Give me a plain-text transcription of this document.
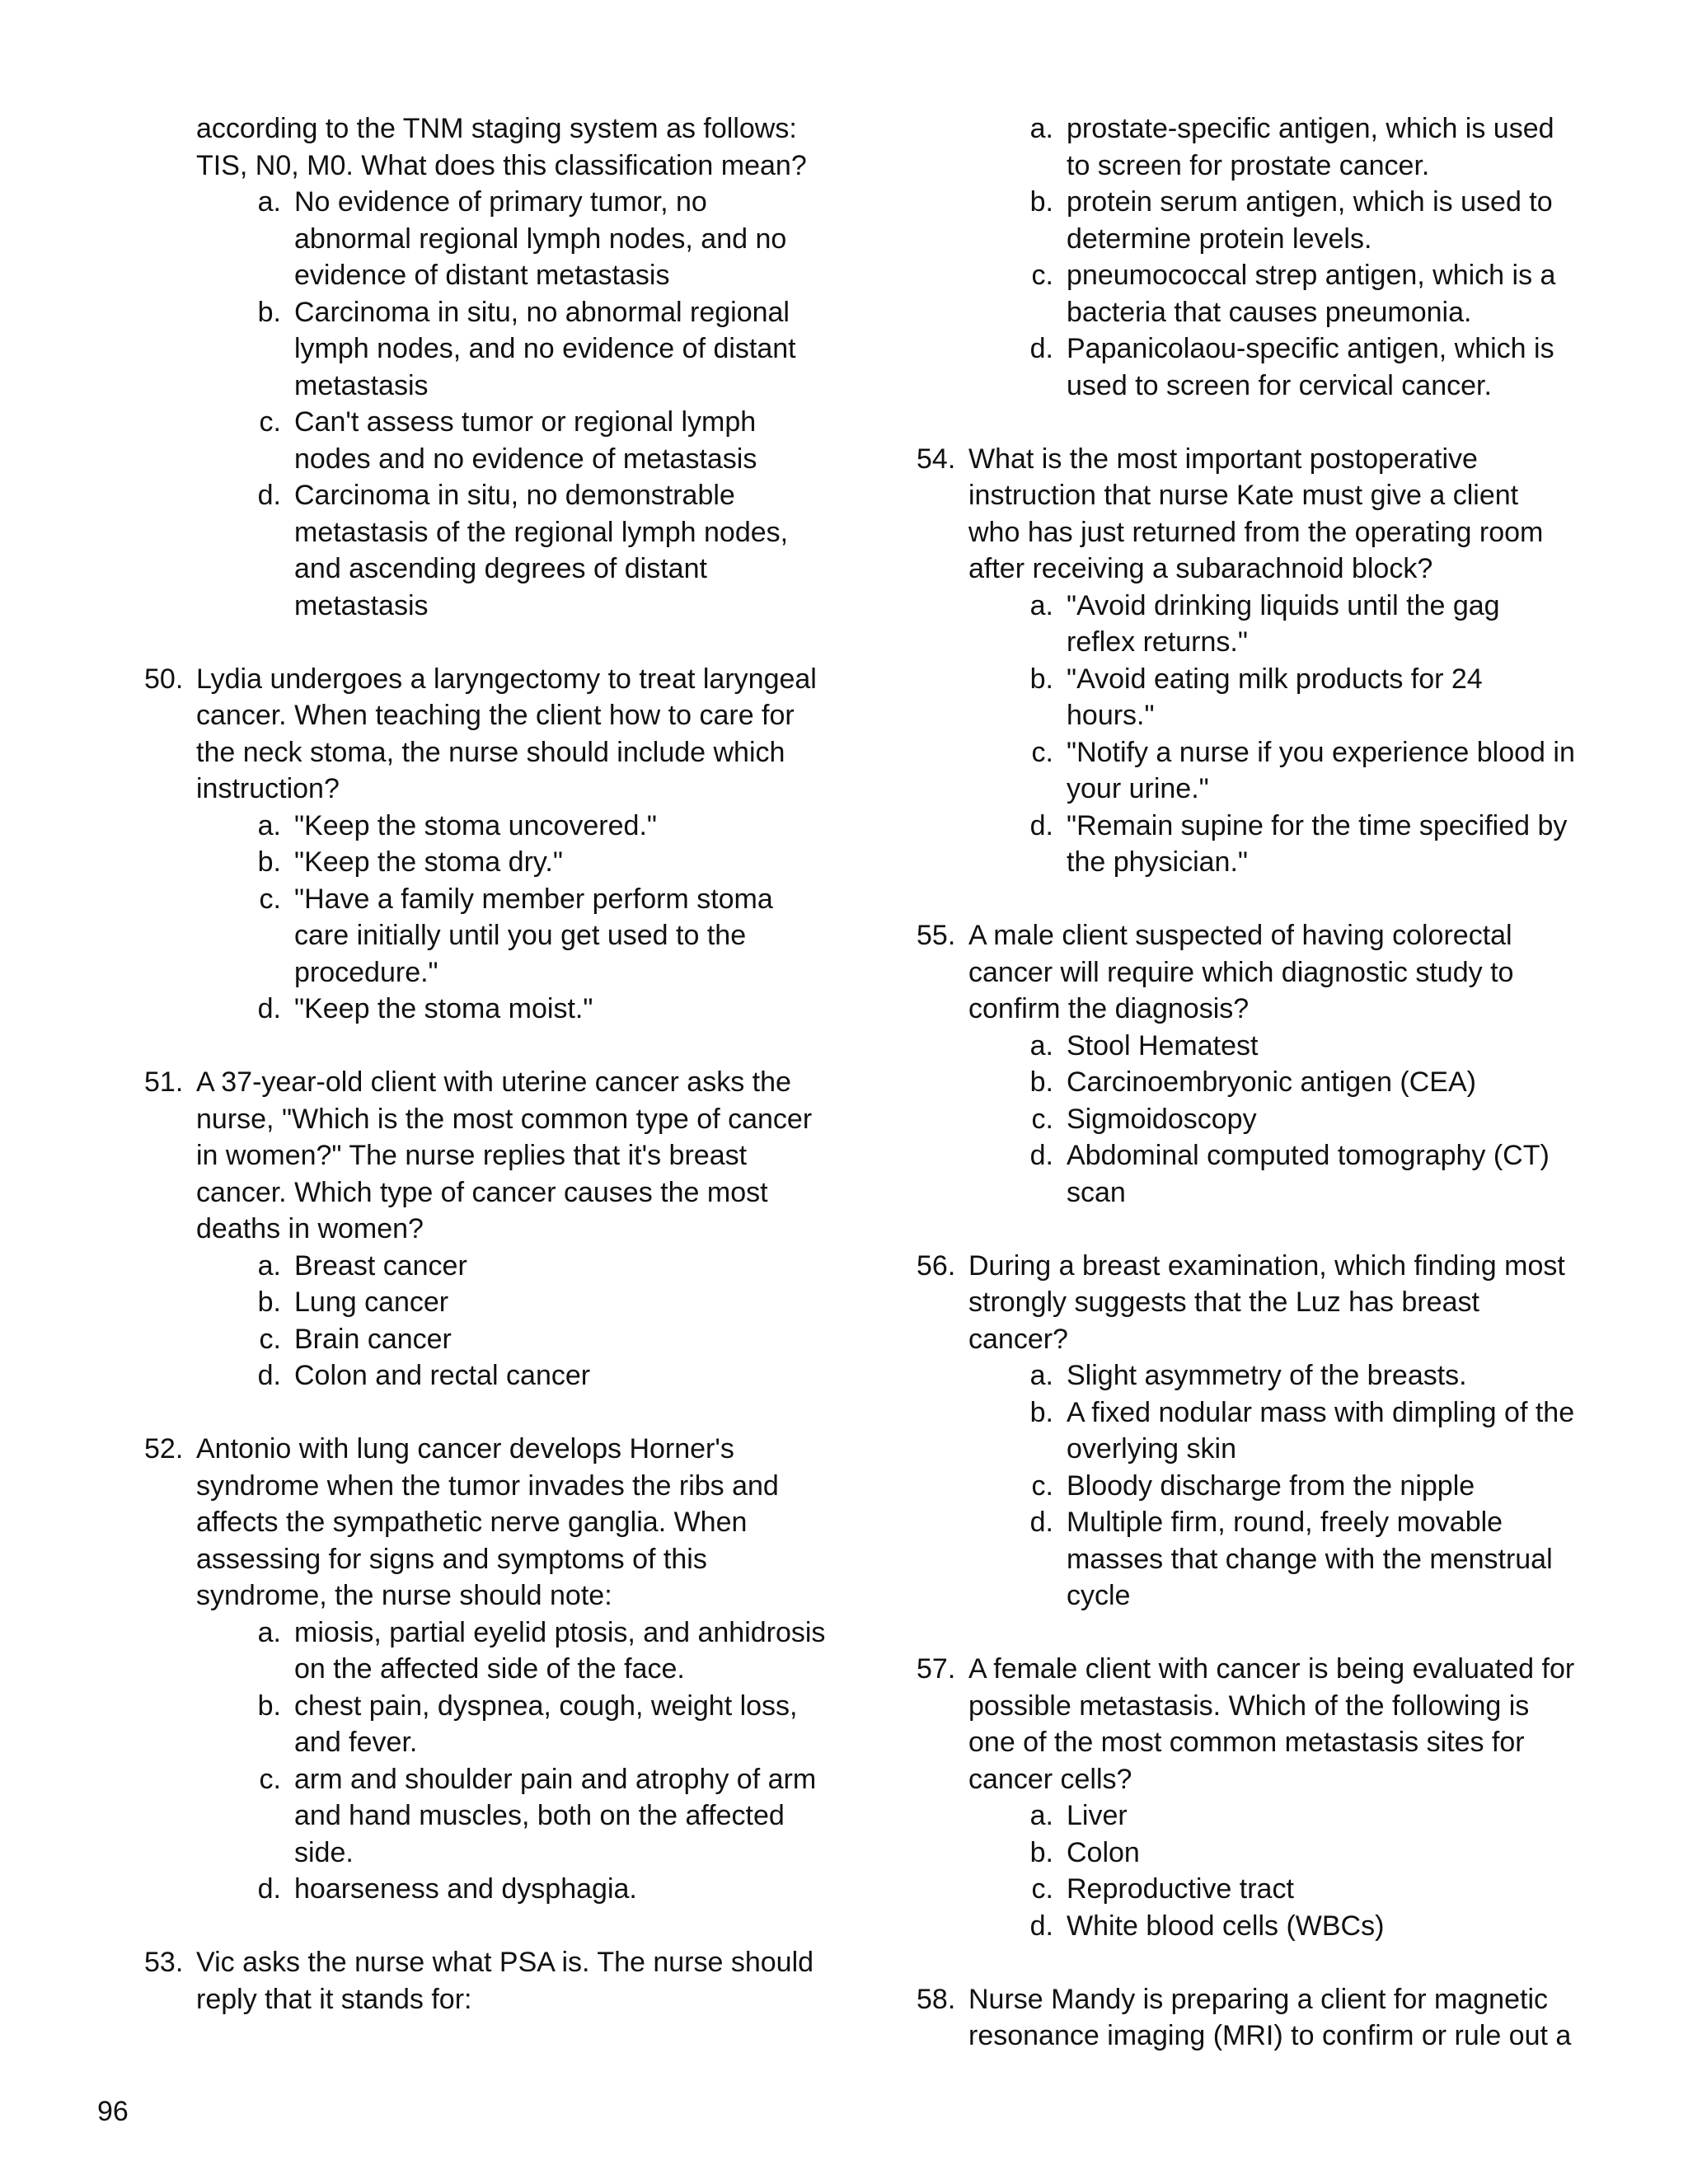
according to the TNM staging system as follows: TIS, N0, M0. What does this classification mean?
a. No evidence of primary tumor, no abnormal regional lymph nodes, and no evidence of distant metastasis
b. Carcinoma in situ, no abnormal regional lymph nodes, and no evidence of distant metastasis
c. Can't assess tumor or regional lymph nodes and no evidence of metastasis
d. Carcinoma in situ, no demonstrable metastasis of the regional lymph nodes, and ascending degrees of distant metastasis
50. Lydia undergoes a laryngectomy to treat laryngeal cancer. When teaching the client how to care for the neck stoma, the nurse should include which instruction?
a. "Keep the stoma uncovered."
b. "Keep the stoma dry."
c. "Have a family member perform stoma care initially until you get used to the procedure."
d. "Keep the stoma moist."
51. A 37-year-old client with uterine cancer asks the nurse, "Which is the most common type of cancer in women?" The nurse replies that it's breast cancer. Which type of cancer causes the most deaths in women?
a. Breast cancer
b. Lung cancer
c. Brain cancer
d. Colon and rectal cancer
52. Antonio with lung cancer develops Horner's syndrome when the tumor invades the ribs and affects the sympathetic nerve ganglia. When assessing for signs and symptoms of this syndrome, the nurse should note:
a. miosis, partial eyelid ptosis, and anhidrosis on the affected side of the face.
b. chest pain, dyspnea, cough, weight loss, and fever.
c. arm and shoulder pain and atrophy of arm and hand muscles, both on the affected side.
d. hoarseness and dysphagia.
53. Vic asks the nurse what PSA is. The nurse should reply that it stands for:
a. prostate-specific antigen, which is used to screen for prostate cancer.
b. protein serum antigen, which is used to determine protein levels.
c. pneumococcal strep antigen, which is a bacteria that causes pneumonia.
d. Papanicolaou-specific antigen, which is used to screen for cervical cancer.
54. What is the most important postoperative instruction that nurse Kate must give a client who has just returned from the operating room after receiving a subarachnoid block?
a. "Avoid drinking liquids until the gag reflex returns."
b. "Avoid eating milk products for 24 hours."
c. "Notify a nurse if you experience blood in your urine."
d. "Remain supine for the time specified by the physician."
55. A male client suspected of having colorectal cancer will require which diagnostic study to confirm the diagnosis?
a. Stool Hematest
b. Carcinoembryonic antigen (CEA)
c. Sigmoidoscopy
d. Abdominal computed tomography (CT) scan
56. During a breast examination, which finding most strongly suggests that the Luz has breast cancer?
a. Slight asymmetry of the breasts.
b. A fixed nodular mass with dimpling of the overlying skin
c. Bloody discharge from the nipple
d. Multiple firm, round, freely movable masses that change with the menstrual cycle
57. A female client with cancer is being evaluated for possible metastasis. Which of the following is one of the most common metastasis sites for cancer cells?
a. Liver
b. Colon
c. Reproductive tract
d. White blood cells (WBCs)
58. Nurse Mandy is preparing a client for magnetic resonance imaging (MRI) to confirm or rule out a
96
